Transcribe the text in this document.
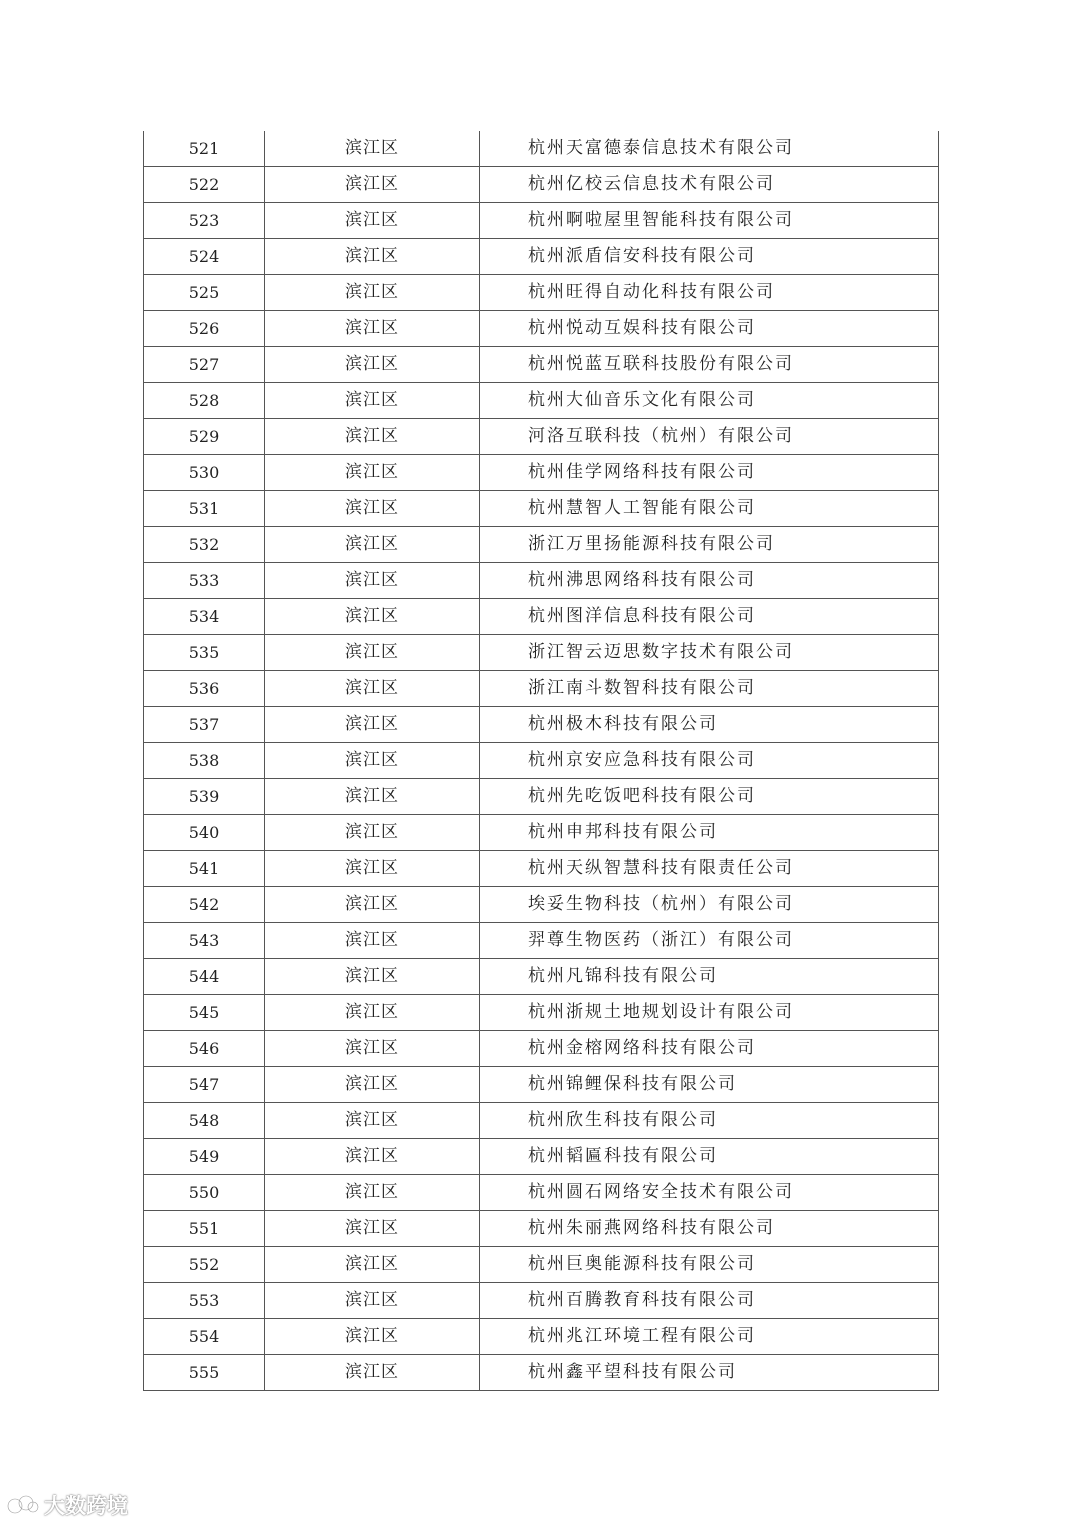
521	滨江区	杭州天富德泰信息技术有限公司
522	滨江区	杭州亿校云信息技术有限公司
523	滨江区	杭州啊啦屋里智能科技有限公司
524	滨江区	杭州派盾信安科技有限公司
525	滨江区	杭州旺得自动化科技有限公司
526	滨江区	杭州悦动互娱科技有限公司
527	滨江区	杭州悦蓝互联科技股份有限公司
528	滨江区	杭州大仙音乐文化有限公司
529	滨江区	河洛互联科技（杭州）有限公司
530	滨江区	杭州佳学网络科技有限公司
531	滨江区	杭州慧智人工智能有限公司
532	滨江区	浙江万里扬能源科技有限公司
533	滨江区	杭州沸思网络科技有限公司
534	滨江区	杭州图洋信息科技有限公司
535	滨江区	浙江智云迈思数字技术有限公司
536	滨江区	浙江南斗数智科技有限公司
537	滨江区	杭州极木科技有限公司
538	滨江区	杭州京安应急科技有限公司
539	滨江区	杭州先吃饭吧科技有限公司
540	滨江区	杭州申邦科技有限公司
541	滨江区	杭州天纵智慧科技有限责任公司
542	滨江区	埃妥生物科技（杭州）有限公司
543	滨江区	羿尊生物医药（浙江）有限公司
544	滨江区	杭州凡锦科技有限公司
545	滨江区	杭州浙规土地规划设计有限公司
546	滨江区	杭州金榕网络科技有限公司
547	滨江区	杭州锦鲤保科技有限公司
548	滨江区	杭州欣生科技有限公司
549	滨江区	杭州韬匾科技有限公司
550	滨江区	杭州圆石网络安全技术有限公司
551	滨江区	杭州朱丽燕网络科技有限公司
552	滨江区	杭州巨奥能源科技有限公司
553	滨江区	杭州百腾教育科技有限公司
554	滨江区	杭州兆江环境工程有限公司
555	滨江区	杭州鑫平望科技有限公司
大数跨境
